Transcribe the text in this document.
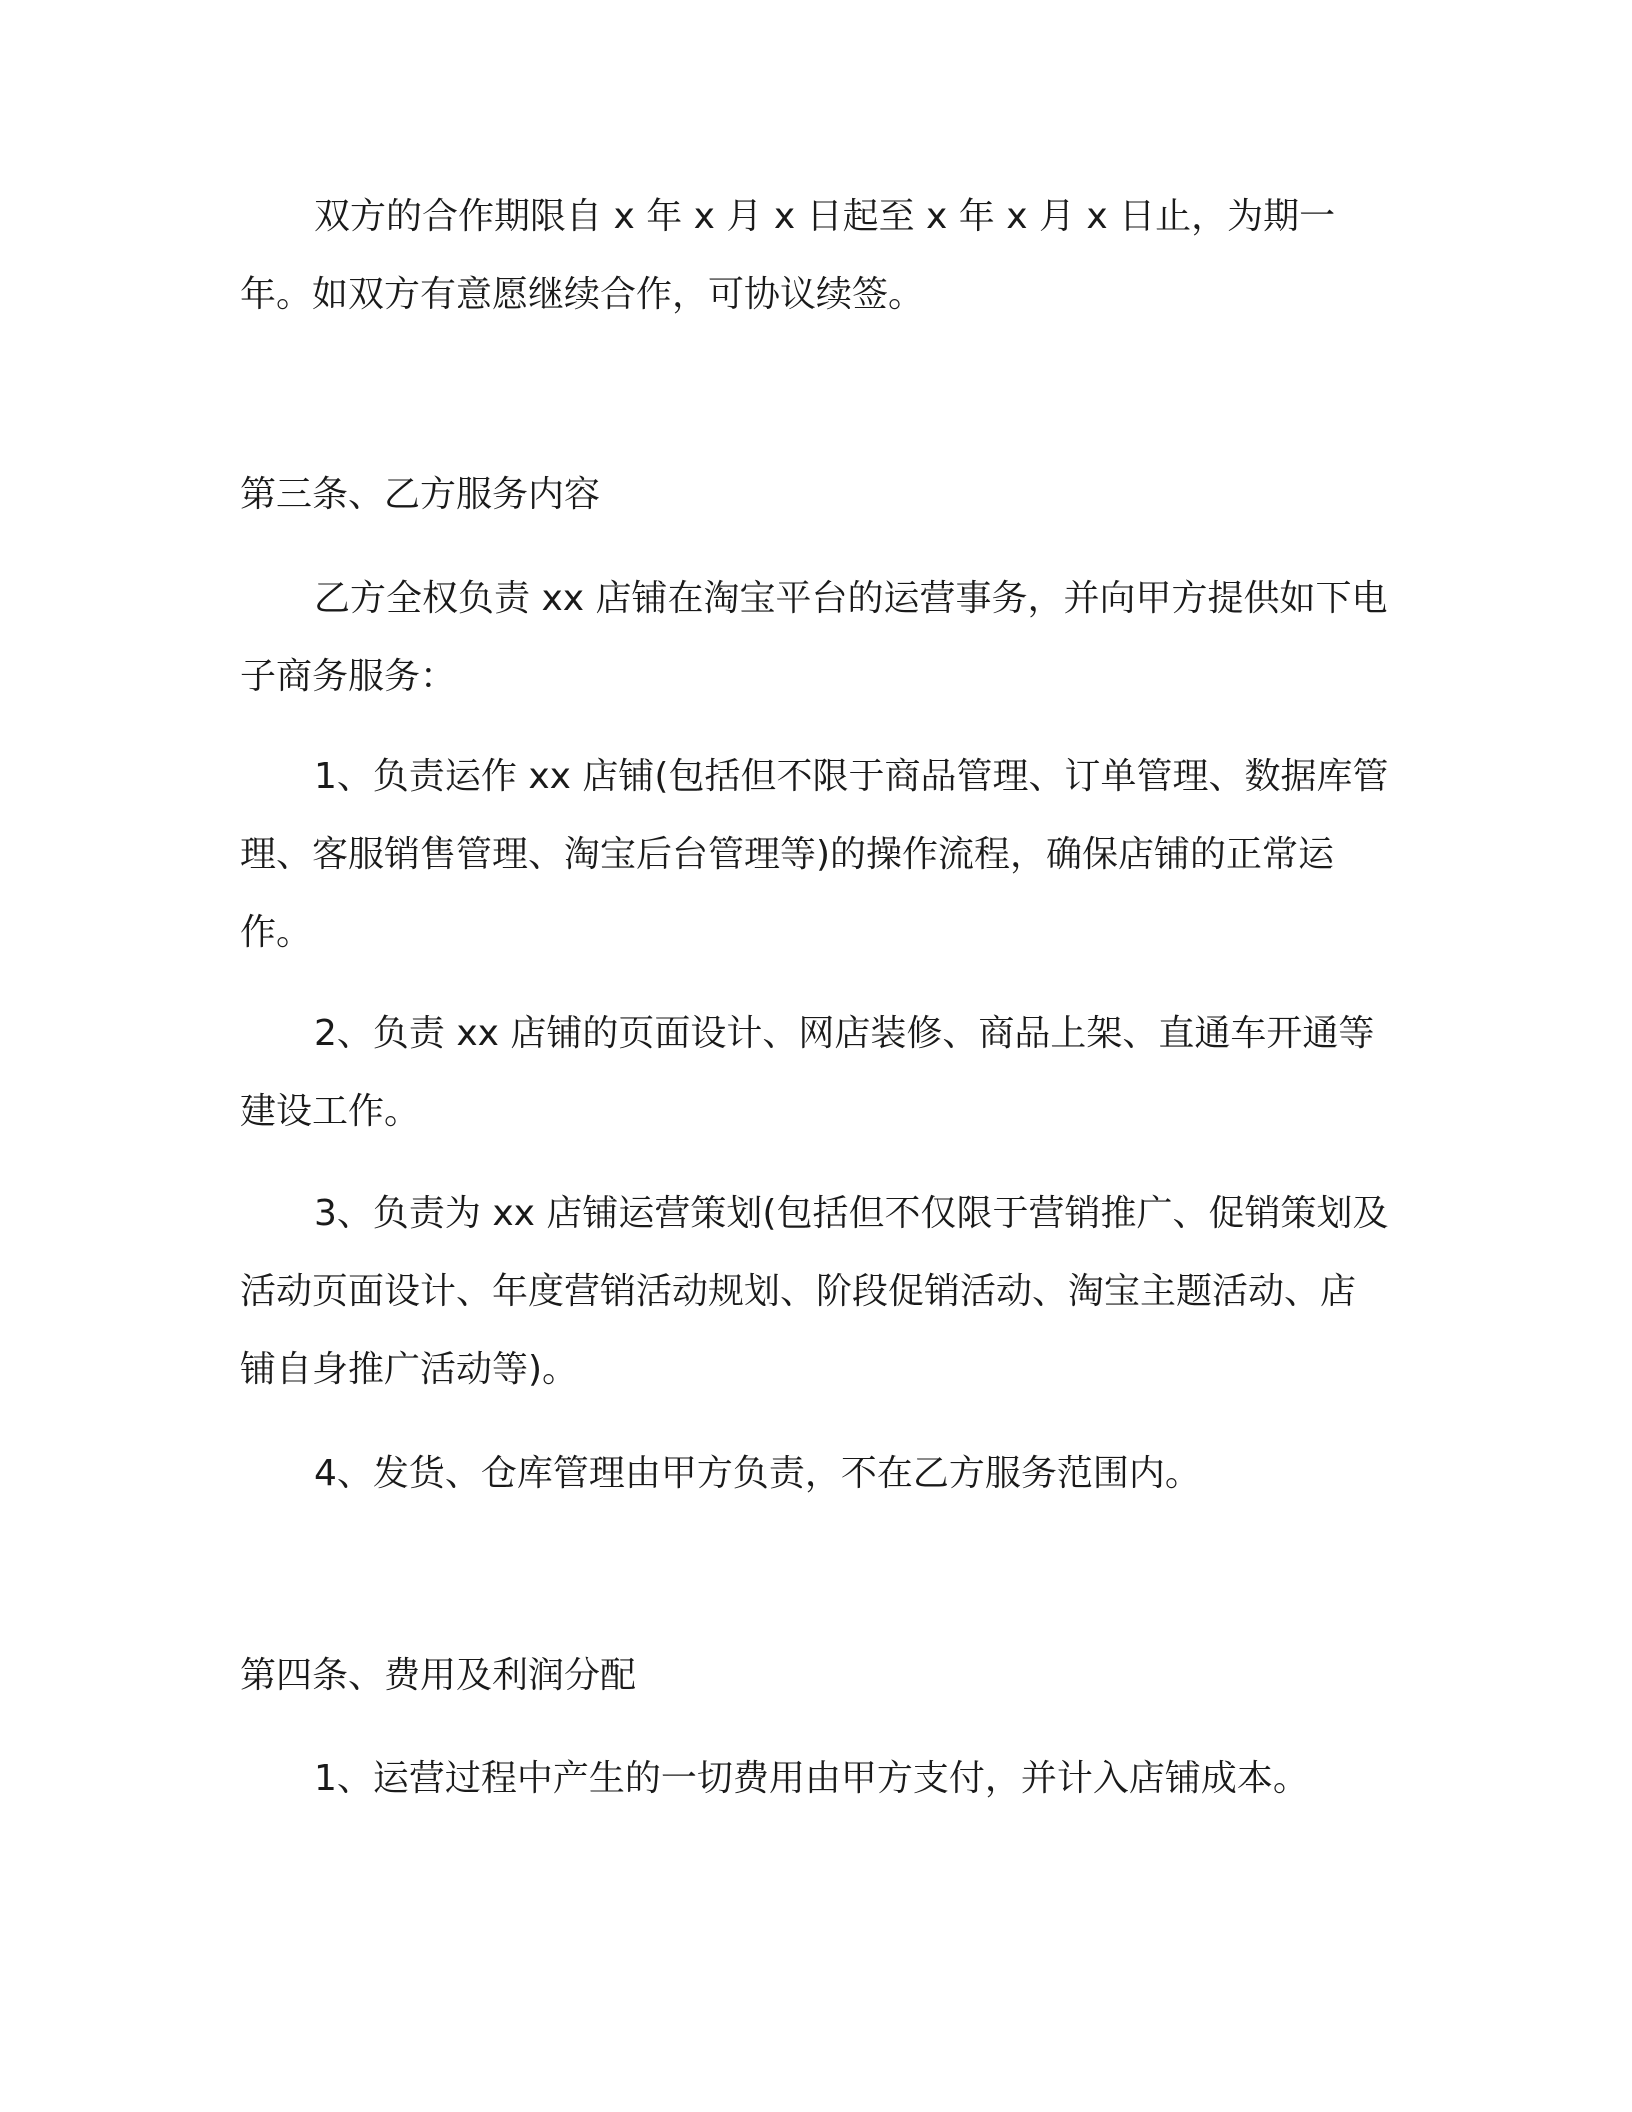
双方的合作期限自 x 年 x 月 x 日起至 x 年 x 月 x 日止，为期一年。如双方有意愿继续合作，可协议续签。

第三条、乙方服务内容

乙方全权负责 xx 店铺在淘宝平台的运营事务，并向甲方提供如下电子商务服务：

1、负责运作 xx 店铺(包括但不限于商品管理、订单管理、数据库管理、客服销售管理、淘宝后台管理等)的操作流程，确保店铺的正常运作。

2、负责 xx 店铺的页面设计、网店装修、商品上架、直通车开通等建设工作。

3、负责为 xx 店铺运营策划(包括但不仅限于营销推广、促销策划及活动页面设计、年度营销活动规划、阶段促销活动、淘宝主题活动、店铺自身推广活动等)。

4、发货、仓库管理由甲方负责，不在乙方服务范围内。

第四条、费用及利润分配

1、运营过程中产生的一切费用由甲方支付，并计入店铺成本。
